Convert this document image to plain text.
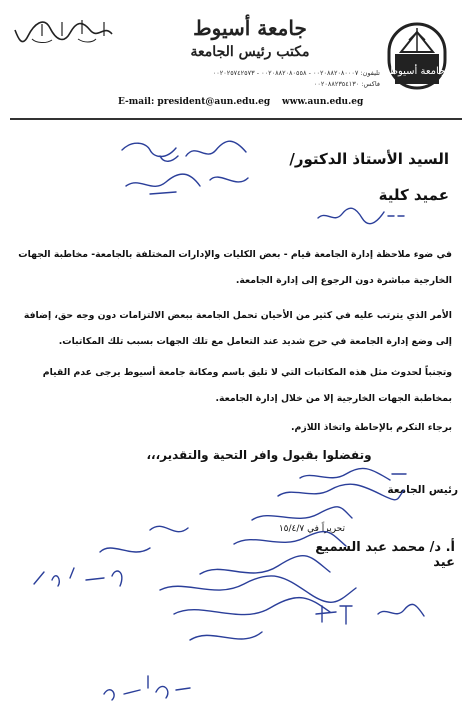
جامعة أسيوط
مكتب رئيس الجامعة
جامعة أسيوط
تليفون: ٠٠٢٠٨٨٢٠٨٠٠٠٧ - ٠٠٢٠٨٨٢٠٨٠٥٥٨ - ٠٠٢٠٢٥٧٤٢٥٧٣
فاكس: ٠٠٢٠٨٨٢٣٥٤١٣٠
E-mail: president@aun.edu.eg www.aun.edu.eg
السيد الأستاذ الدكتور/
عميد كلية
في ضوء ملاحظة إدارة الجامعة قيام - بعض الكليات والإدارات المختلفة بالجامعة- مخاطبة الجهات الخارجية مباشرة دون الرجوع إلى إدارة الجامعة.
الأمر الذي يترتب عليه في كثير من الأحيان تحمل الجامعة ببعض الالتزامات دون وجه حق، إضافة إلى وضع إدارة الجامعة في حرج شديد عند التعامل مع تلك الجهات بسبب تلك المكاتبات.
وتجنباً لحدوث مثل هذه المكاتبات التي لا تليق باسم ومكانة جامعة أسيوط يرجى عدم القيام بمخاطبة الجهات الخارجية إلا من خلال إدارة الجامعة.
برجاء التكرم بالإحاطة واتخاذ اللازم.
وتفضلوا بقبول وافر التحية والتقدير،،،
رئيس الجامعة
أ. د/ محمد عبد السميع عيد
تحريراً في ١٥/٤/٧
